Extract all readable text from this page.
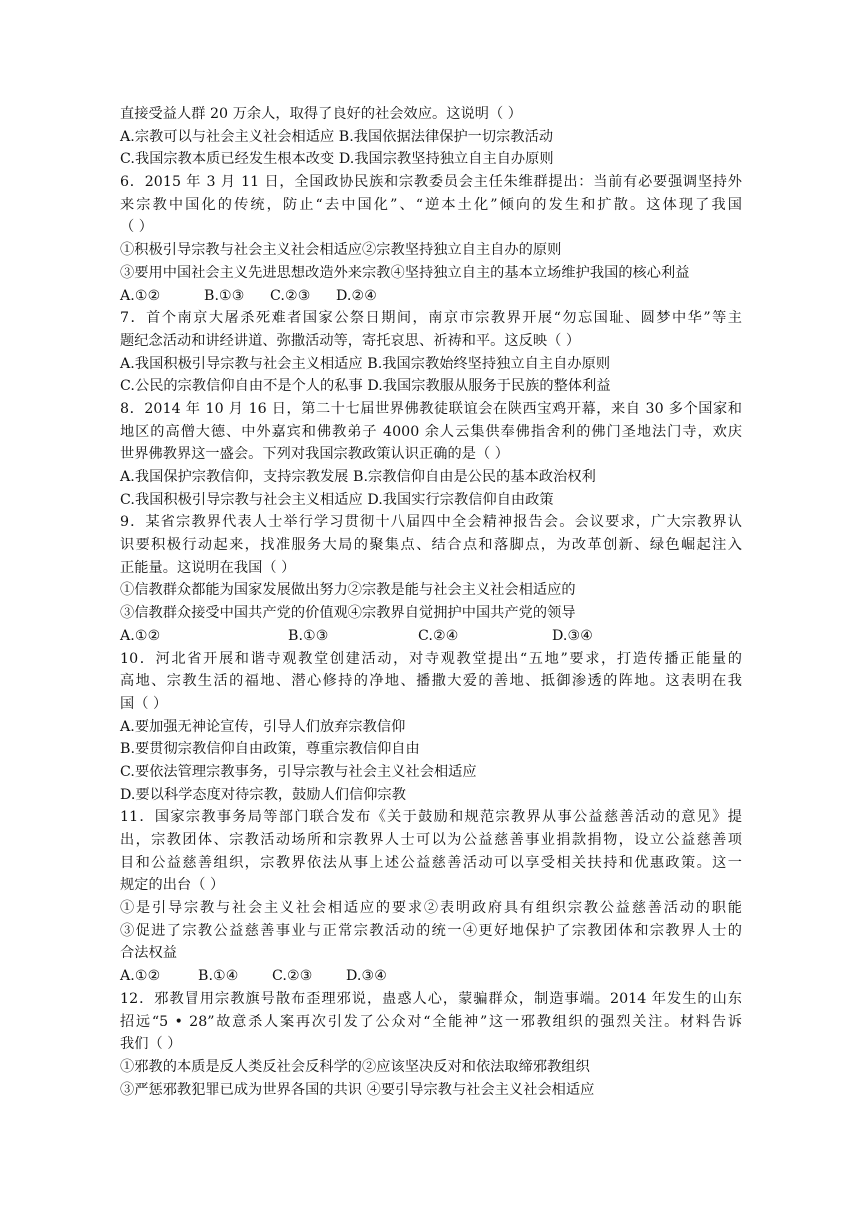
直接受益人群 20 万余人，取得了良好的社会效应。这说明（ ）
A.宗教可以与社会主义社会相适应 B.我国依据法律保护一切宗教活动
C.我国宗教本质已经发生根本改变 D.我国宗教坚持独立自主自办原则
6．2015 年 3 月 11 日，全国政协民族和宗教委员会主任朱维群提出：当前有必要强调坚持外
来宗教中国化的传统，防止“去中国化”、“逆本土化”倾向的发生和扩散。这体现了我国
（ ）
①积极引导宗教与社会主义社会相适应②宗教坚持独立自主自办的原则
③要用中国社会主义先进思想改造外来宗教④坚持独立自主的基本立场维护我国的核心利益
A.①②	B.①③	C.②③	D.②④
7．首个南京大屠杀死难者国家公祭日期间，南京市宗教界开展“勿忘国耻、圆梦中华”等主
题纪念活动和讲经讲道、弥撒活动等，寄托哀思、祈祷和平。这反映（ ）
A.我国积极引导宗教与社会主义相适应 B.我国宗教始终坚持独立自主自办原则
C.公民的宗教信仰自由不是个人的私事 D.我国宗教服从服务于民族的整体利益
8．2014 年 10 月 16 日，第二十七届世界佛教徒联谊会在陕西宝鸡开幕，来自 30 多个国家和
地区的高僧大德、中外嘉宾和佛教弟子 4000 余人云集供奉佛指舍利的佛门圣地法门寺，欢庆
世界佛教界这一盛会。下列对我国宗教政策认识正确的是（ ）
A.我国保护宗教信仰，支持宗教发展 B.宗教信仰自由是公民的基本政治权利
C.我国积极引导宗教与社会主义相适应 D.我国实行宗教信仰自由政策
9．某省宗教界代表人士举行学习贯彻十八届四中全会精神报告会。会议要求，广大宗教界认
识要积极行动起来，找准服务大局的聚集点、结合点和落脚点，为改革创新、绿色崛起注入
正能量。这说明在我国（ ）
①信教群众都能为国家发展做出努力②宗教是能与社会主义社会相适应的
③信教群众接受中国共产党的价值观④宗教界自觉拥护中国共产党的领导
A.①②	B.①③	C.②④	D.③④
10．河北省开展和谐寺观教堂创建活动，对寺观教堂提出“五地”要求，打造传播正能量的
高地、宗教生活的福地、潜心修持的净地、播撒大爱的善地、抵御渗透的阵地。这表明在我
国（ ）
A.要加强无神论宣传，引导人们放弃宗教信仰
B.要贯彻宗教信仰自由政策，尊重宗教信仰自由
C.要依法管理宗教事务，引导宗教与社会主义社会相适应
D.要以科学态度对待宗教，鼓励人们信仰宗教
11．国家宗教事务局等部门联合发布《关于鼓励和规范宗教界从事公益慈善活动的意见》提
出，宗教团体、宗教活动场所和宗教界人士可以为公益慈善事业捐款捐物，设立公益慈善项
目和公益慈善组织，宗教界依法从事上述公益慈善活动可以享受相关扶持和优惠政策。这一
规定的出台（ ）
①是引导宗教与社会主义社会相适应的要求②表明政府具有组织宗教公益慈善活动的职能
③促进了宗教公益慈善事业与正常宗教活动的统一④更好地保护了宗教团体和宗教界人士的
合法权益
A.①②	B.①④	C.②③	D.③④
12．邪教冒用宗教旗号散布歪理邪说，蛊惑人心，蒙骗群众，制造事端。2014 年发生的山东
招远“5 • 28”故意杀人案再次引发了公众对“全能神”这一邪教组织的强烈关注。材料告诉
我们（ ）
①邪教的本质是反人类反社会反科学的②应该坚决反对和依法取缔邪教组织
③严惩邪教犯罪已成为世界各国的共识 ④要引导宗教与社会主义社会相适应
